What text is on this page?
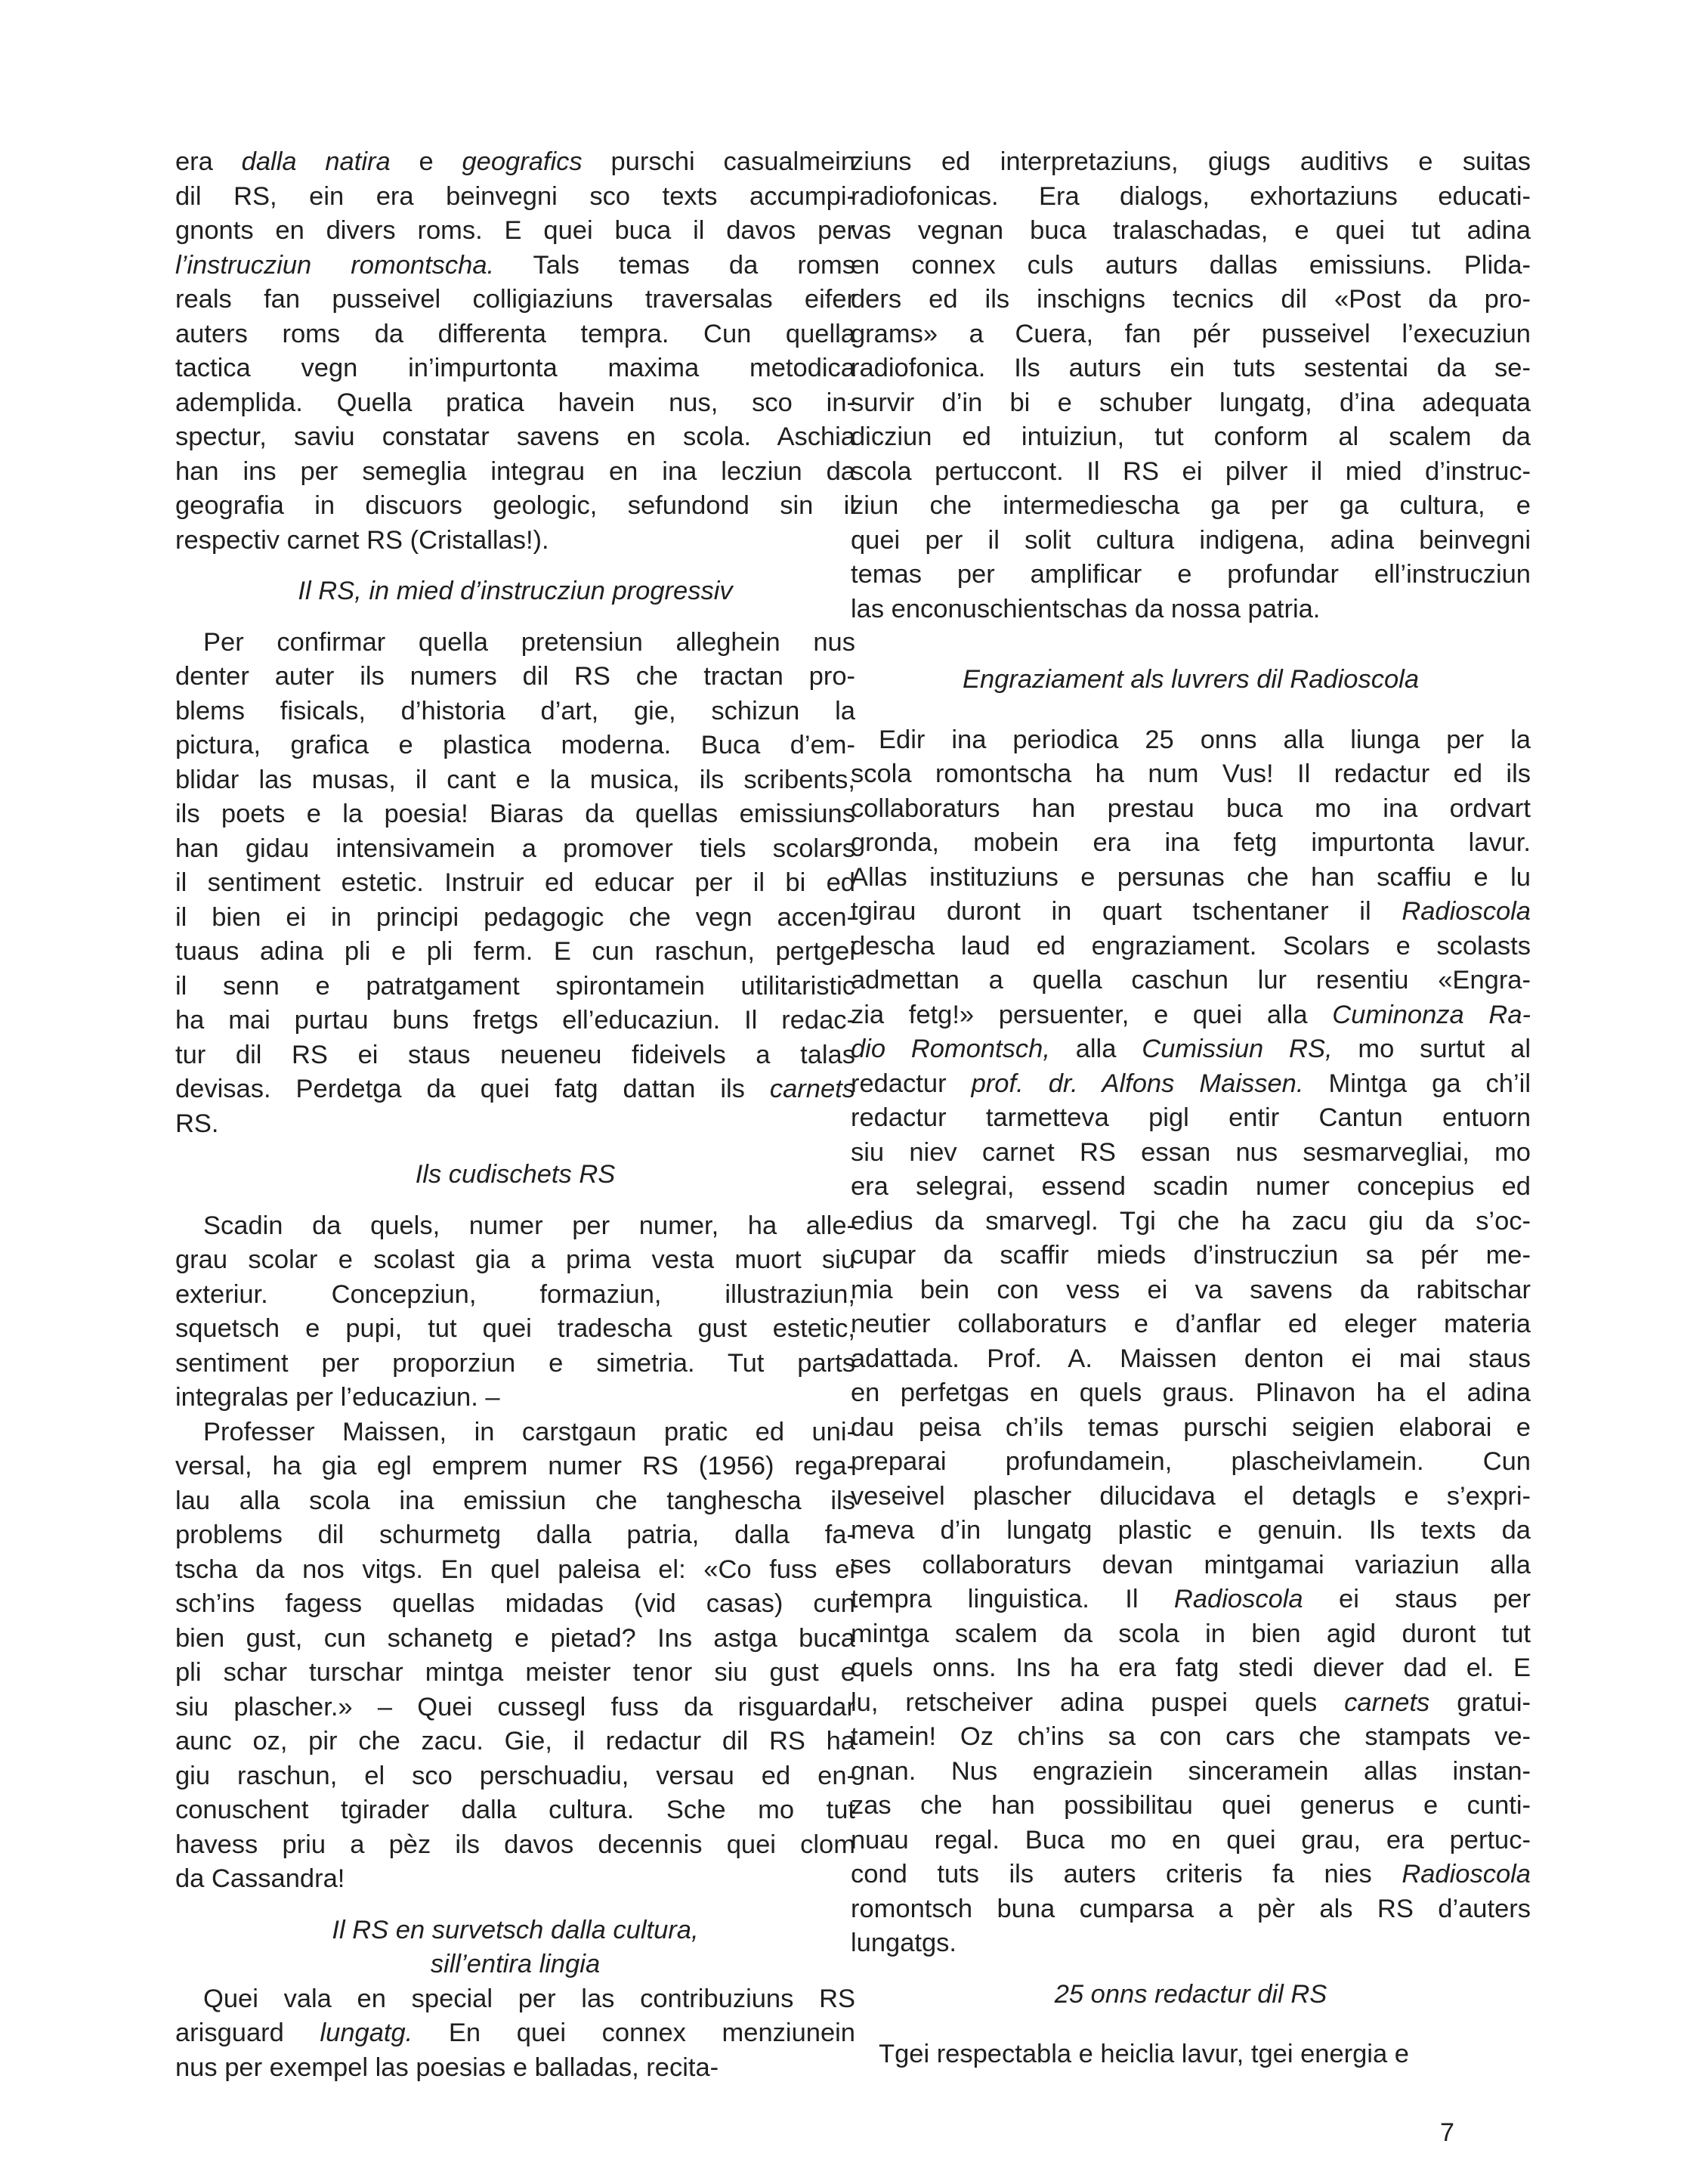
era dalla natira e geografics purschi casualmein
dil RS, ein era beinvegni sco texts accumpi-
gnonts en divers roms. E quei buca il davos per
l’instrucziun romontscha. Tals temas da roms
reals fan pusseivel colligiaziuns traversalas eifer
auters roms da differenta tempra. Cun quella
tactica vegn in’impurtonta maxima metodica
ademplida. Quella pratica havein nus, sco in-
spectur, saviu constatar savens en scola. Aschia
han ins per semeglia integrau en ina lecziun da
geografia in discuors geologic, sefundond sin il
respectiv carnet RS (Cristallas!).
Il RS, in mied d’instrucziun progressiv
Per confirmar quella pretensiun alleghein nus
denter auter ils numers dil RS che tractan pro-
blems fisicals, d’historia d’art, gie, schizun la
pictura, grafica e plastica moderna. Buca d’em-
blidar las musas, il cant e la musica, ils scribents,
ils poets e la poesia! Biaras da quellas emissiuns
han gidau intensivamein a promover tiels scolars
il sentiment estetic. Instruir ed educar per il bi ed
il bien ei in principi pedagogic che vegn accen-
tuaus adina pli e pli ferm. E cun raschun, pertgei
il senn e patratgament spirontamein utilitaristic
ha mai purtau buns fretgs ell’educaziun. Il redac-
tur dil RS ei staus neueneu fideivels a talas
devisas. Perdetga da quei fatg dattan ils carnets
RS.
Ils cudischets RS
Scadin da quels, numer per numer, ha alle-
grau scolar e scolast gia a prima vesta muort siu
exteriur. Concepziun, formaziun, illustraziun,
squetsch e pupi, tut quei tradescha gust estetic,
sentiment per proporziun e simetria. Tut parts
integralas per l’educaziun. –
Professer Maissen, in carstgaun pratic ed uni-
versal, ha gia egl emprem numer RS (1956) rega-
lau alla scola ina emissiun che tanghescha ils
problems dil schurmetg dalla patria, dalla fa-
tscha da nos vitgs. En quel paleisa el: «Co fuss ei
sch’ins fagess quellas midadas (vid casas) cun
bien gust, cun schanetg e pietad? Ins astga buca
pli schar turschar mintga meister tenor siu gust e
siu plascher.» – Quei cussegl fuss da risguardar
aunc oz, pir che zacu. Gie, il redactur dil RS ha
giu raschun, el sco perschuadiu, versau ed en-
conuschent tgirader dalla cultura. Sche mo tut
havess priu a pèz ils davos decennis quei clom
da Cassandra!
Il RS en survetsch dalla cultura,
sill’entira lingia
Quei vala en special per las contribuziuns RS
arisguard lungatg. En quei connex menziunein
nus per exempel las poesias e balladas, recita-
ziuns ed interpretaziuns, giugs auditivs e suitas
radiofonicas. Era dialogs, exhortaziuns educati-
vas vegnan buca tralaschadas, e quei tut adina
en connex culs auturs dallas emissiuns. Plida-
ders ed ils inschigns tecnics dil «Post da pro-
grams» a Cuera, fan pér pusseivel l’execuziun
radiofonica. Ils auturs ein tuts sestentai da se-
survir d’in bi e schuber lungatg, d’ina adequata
dicziun ed intuiziun, tut conform al scalem da
scola pertuccont. Il RS ei pilver il mied d’instruc-
ziun che intermediescha ga per ga cultura, e
quei per il solit cultura indigena, adina beinvegni
temas per amplificar e profundar ell’instrucziun
las enconuschientschas da nossa patria.
Engraziament als luvrers dil Radioscola
Edir ina periodica 25 onns alla liunga per la
scola romontscha ha num Vus! Il redactur ed ils
collaboraturs han prestau buca mo ina ordvart
gronda, mobein era ina fetg impurtonta lavur.
Allas instituziuns e persunas che han scaffiu e lu
tgirau duront in quart tschentaner il Radioscola
descha laud ed engraziament. Scolars e scolasts
admettan a quella caschun lur resentiu «Engra-
zia fetg!» persuenter, e quei alla Cuminonza Ra-
dio Romontsch, alla Cumissiun RS, mo surtut al
redactur prof. dr. Alfons Maissen. Mintga ga ch’il
redactur tarmetteva pigl entir Cantun entuorn
siu niev carnet RS essan nus sesmarvegliai, mo
era selegrai, essend scadin numer concepius ed
edius da smarvegl. Tgi che ha zacu giu da s’oc-
cupar da scaffir mieds d’instrucziun sa pér me-
mia bein con vess ei va savens da rabitschar
neutier collaboraturs e d’anflar ed eleger materia
adattada. Prof. A. Maissen denton ei mai staus
en perfetgas en quels graus. Plinavon ha el adina
dau peisa ch’ils temas purschi seigien elaborai e
preparai profundamein, plascheivlamein. Cun
veseivel plascher dilucidava el detagls e s’expri-
meva d’in lungatg plastic e genuin. Ils texts da
ses collaboraturs devan mintgamai variaziun alla
tempra linguistica. Il Radioscola ei staus per
mintga scalem da scola in bien agid duront tut
quels onns. Ins ha era fatg stedi diever dad el. E
lu, retscheiver adina puspei quels carnets gratui-
tamein! Oz ch’ins sa con cars che stampats ve-
gnan. Nus engraziein sinceramein allas instan-
zas che han possibilitau quei generus e cunti-
nuau regal. Buca mo en quei grau, era pertuc-
cond tuts ils auters criteris fa nies Radioscola
romontsch buna cumparsa a pèr als RS d’auters
lungatgs.
25 onns redactur dil RS
Tgei respectabla e heiclia lavur, tgei energia e
7
